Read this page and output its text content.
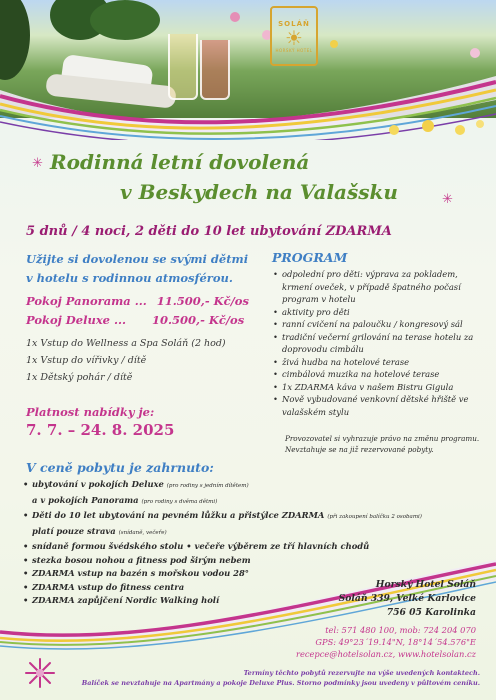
SOLÁŇ
☀
HORSKÝ HOTEL
✳ Rodinná letní dovolená
v Beskydech na Valašsku	✳
5 dnů / 4 noci, 2 děti do 10 let ubytování ZDARMA
Užijte si dovolenou se svými dětmi
v hotelu s rodinnou atmosférou.
Pokoj Panorama ... 11.500,- Kč/os
Pokoj Deluxe ... 10.500,- Kč/os
1x Vstup do Wellness a Spa Soláň (2 hod)
1x Vstup do vířivky / dítě
1x Dětský pohár / dítě
Platnost nabídky je:
7. 7. – 24. 8. 2025
PROGRAM
• odpolední pro děti: výprava za pokladem, krmení oveček, v případě špatného počasí program v hotelu
• aktivity pro děti
• ranní cvičení na paloučku / kongresový sál
• tradiční večerní grilování na terase hotelu za doprovodu cimbálu
• živá hudba na hotelové terase
• cimbálová muzika na hotelové terase
• 1x ZDARMA káva v našem Bistru Gigula
• Nově vybudované venkovní dětské hřiště ve valašském stylu
Provozovatel si vyhrazuje právo na změnu programu. Nevztahuje se na již rezervované pobyty.
V ceně pobytu je zahrnuto:
• ubytování v pokojích Deluxe (pro rodiny s jedním dítětem)
a v pokojích Panorama (pro rodiny s dvěma dětmi)
• Děti do 10 let ubytování na pevném lůžku a přistýlce ZDARMA (při zakoupení balíčku 2 osobami)
platí pouze strava (snídaně, večeře)
• snídaně formou švédského stolu • večeře výběrem ze tří hlavních chodů
• stezka bosou nohou a fitness pod širým nebem
• ZDARMA vstup na bazén s mořskou vodou 28°
• ZDARMA vstup do fitness centra
• ZDARMA zapůjčení Nordic Walking holí
Horský Hotel Soláň
Soláň 339, Velké Karlovice
756 05 Karolinka
tel: 571 480 100, mob: 724 204 070
GPS: 49°23´19.14"N, 18°14´54.576"E
recepce@hotelsolan.cz, www.hotelsolan.cz
Termíny těchto pobytů rezervujte na výše uvedených kontaktech.
Balíček se nevztahuje na Apartmány a pokoje Deluxe Plus. Storno podmínky jsou uvedeny v půltovém ceníku.
